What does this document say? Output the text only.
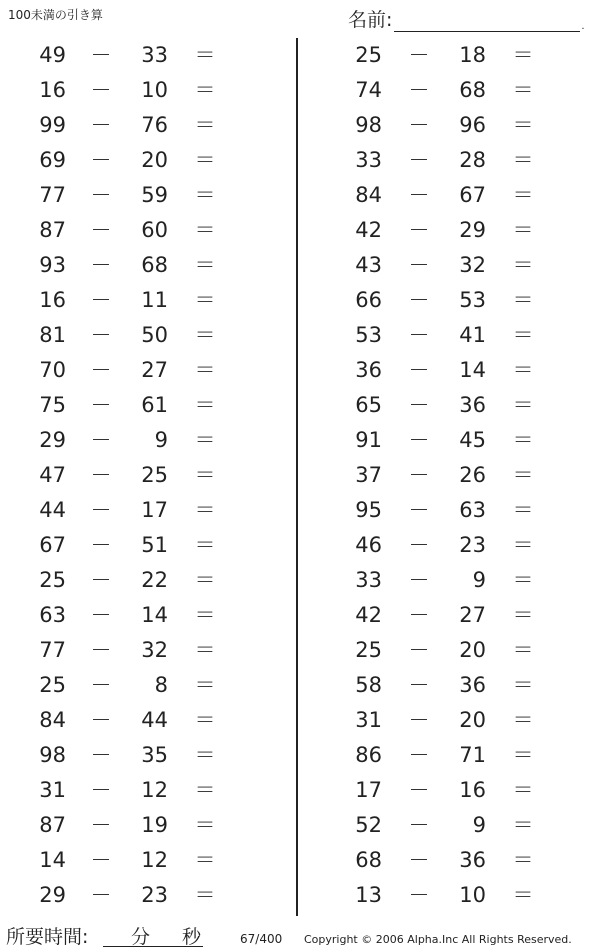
100未満の引き算	名前:	.
49 －	33 ＝
16 －	10 ＝
99 －	76 ＝
69 －	20 ＝
77 －	59 ＝
87 －	60 ＝
93 －	68 ＝
16 －	11 ＝
81 －	50 ＝
70 －	27 ＝
75 －	61 ＝
29 －	9 ＝
47 －	25 ＝
44 －	17 ＝
67 －	51 ＝
25 －	22 ＝
63 －	14 ＝
77 －	32 ＝
25 －	8 ＝
84 －	44 ＝
98 －	35 ＝
31 －	12 ＝
87 －	19 ＝
14 －	12 ＝
29 －	23 ＝
25 －	18 ＝
74 －	68 ＝
98 －	96 ＝
33 －	28 ＝
84 －	67 ＝
42 －	29 ＝
43 －	32 ＝
66 －	53 ＝
53 －	41 ＝
36 －	14 ＝
65 －	36 ＝
91 －	45 ＝
37 －	26 ＝
95 －	63 ＝
46 －	23 ＝
33 －	9 ＝
42 －	27 ＝
25 －	20 ＝
58 －	36 ＝
31 －	20 ＝
86 －	71 ＝
17 －	16 ＝
52 －	9 ＝
68 －	36 ＝
13 －	10 ＝
所要時間: 分 秒	67/400 Copyright © 2006 Alpha.Inc All Rights Reserved.
